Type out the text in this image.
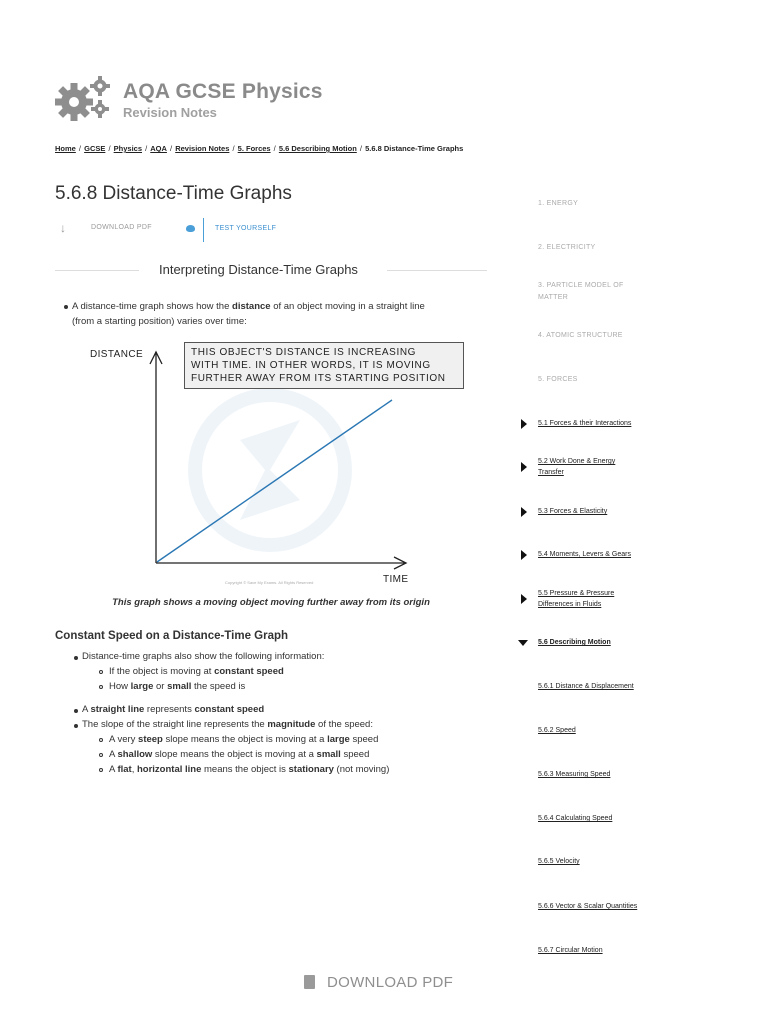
AQA GCSE Physics
Revision Notes
Home / GCSE / Physics / AQA / Revision Notes / 5. Forces / 5.6 Describing Motion / 5.6.8 Distance-Time Graphs
5.6.8 Distance-Time Graphs
↓	DOWNLOAD PDF	TEST YOURSELF
Interpreting Distance-Time Graphs
A distance-time graph shows how the distance of an object moving in a straight line
(from a starting position) varies over time:
DISTANCE
TIME
THIS OBJECT'S DISTANCE IS INCREASING
WITH TIME. IN OTHER WORDS, IT IS MOVING
FURTHER AWAY FROM ITS STARTING POSITION
Copyright © Save My Exams. All Rights Reserved
This graph shows a moving object moving further away from its origin
Constant Speed on a Distance-Time Graph
Distance-time graphs also show the following information:
If the object is moving at constant speed
How large or small the speed is
A straight line represents constant speed
The slope of the straight line represents the magnitude of the speed:
A very steep slope means the object is moving at a large speed
A shallow slope means the object is moving at a small speed
A flat, horizontal line means the object is stationary (not moving)
1. ENERGY
2. ELECTRICITY
3. PARTICLE MODEL OF
MATTER
4. ATOMIC STRUCTURE
5. FORCES
5.1 Forces & their Interactions
5.2 Work Done & Energy
Transfer
5.3 Forces & Elasticity
5.4 Moments, Levers & Gears
5.5 Pressure & Pressure
Differences in Fluids
5.6 Describing Motion
5.6.1 Distance & Displacement
5.6.2 Speed
5.6.3 Measuring Speed
5.6.4 Calculating Speed
5.6.5 Velocity
5.6.6 Vector & Scalar Quantities
5.6.7 Circular Motion
DOWNLOAD PDF
